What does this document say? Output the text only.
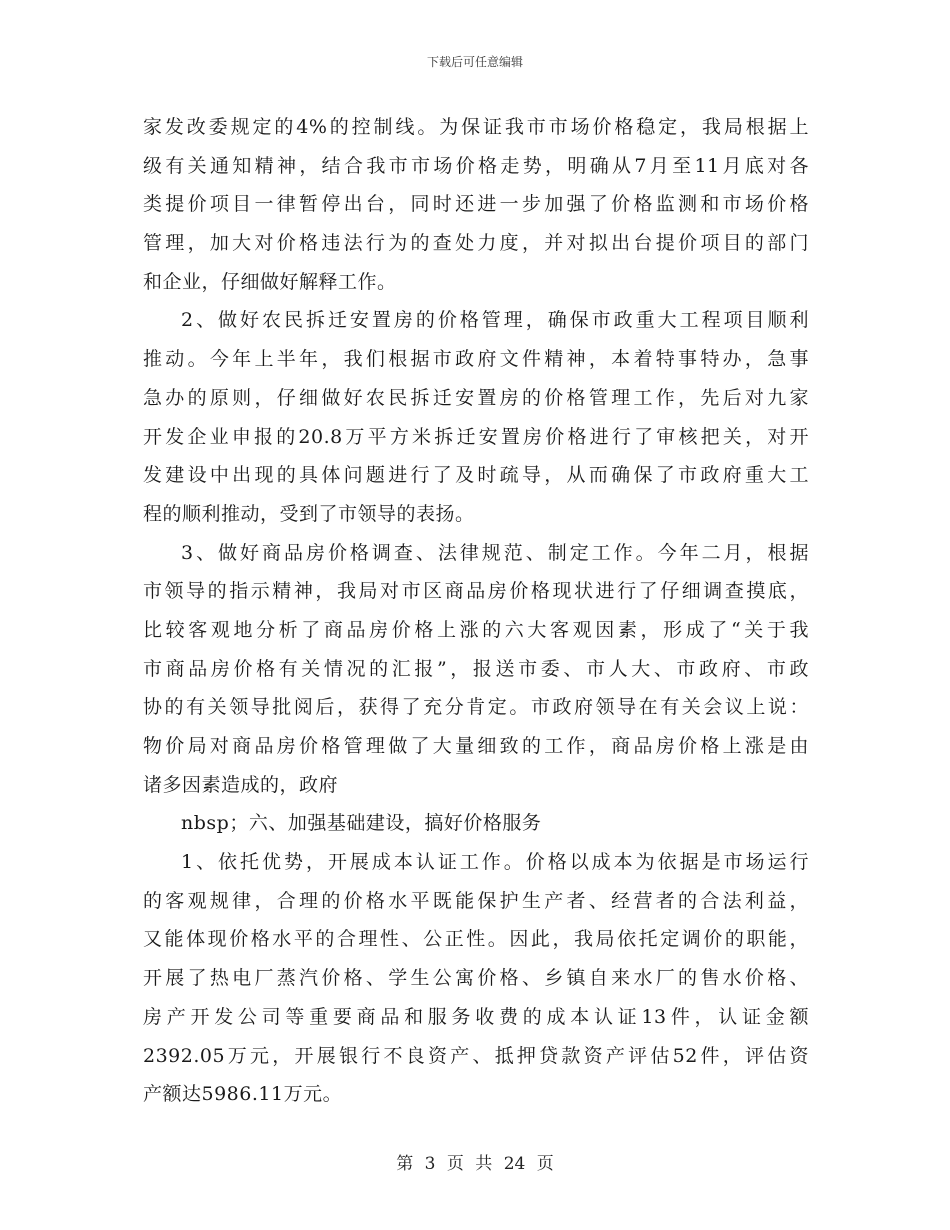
下载后可任意编辑
家发改委规定的4%的控制线。为保证我市市场价格稳定，我局根据上
级有关通知精神，结合我市市场价格走势，明确从7月至11月底对各
类提价项目一律暂停出台，同时还进一步加强了价格监测和市场价格
管理，加大对价格违法行为的查处力度，并对拟出台提价项目的部门
和企业，仔细做好解释工作。
2、做好农民拆迁安置房的价格管理，确保市政重大工程项目顺利
推动。今年上半年，我们根据市政府文件精神，本着特事特办，急事
急办的原则，仔细做好农民拆迁安置房的价格管理工作，先后对九家
开发企业申报的20.8万平方米拆迁安置房价格进行了审核把关，对开
发建设中出现的具体问题进行了及时疏导，从而确保了市政府重大工
程的顺利推动，受到了市领导的表扬。
3、做好商品房价格调查、法律规范、制定工作。今年二月，根据
市领导的指示精神，我局对市区商品房价格现状进行了仔细调查摸底，
比较客观地分析了商品房价格上涨的六大客观因素，形成了“关于我
市商品房价格有关情况的汇报”，报送市委、市人大、市政府、市政
协的有关领导批阅后，获得了充分肯定。市政府领导在有关会议上说：
物价局对商品房价格管理做了大量细致的工作，商品房价格上涨是由
诸多因素造成的，政府
nbsp；六、加强基础建设，搞好价格服务
1、依托优势，开展成本认证工作。价格以成本为依据是市场运行
的客观规律，合理的价格水平既能保护生产者、经营者的合法利益，
又能体现价格水平的合理性、公正性。因此，我局依托定调价的职能，
开展了热电厂蒸汽价格、学生公寓价格、乡镇自来水厂的售水价格、
房产开发公司等重要商品和服务收费的成本认证13件，认证金额
2392.05万元，开展银行不良资产、抵押贷款资产评估52件，评估资
产额达5986.11万元。
第 3 页 共 24 页
